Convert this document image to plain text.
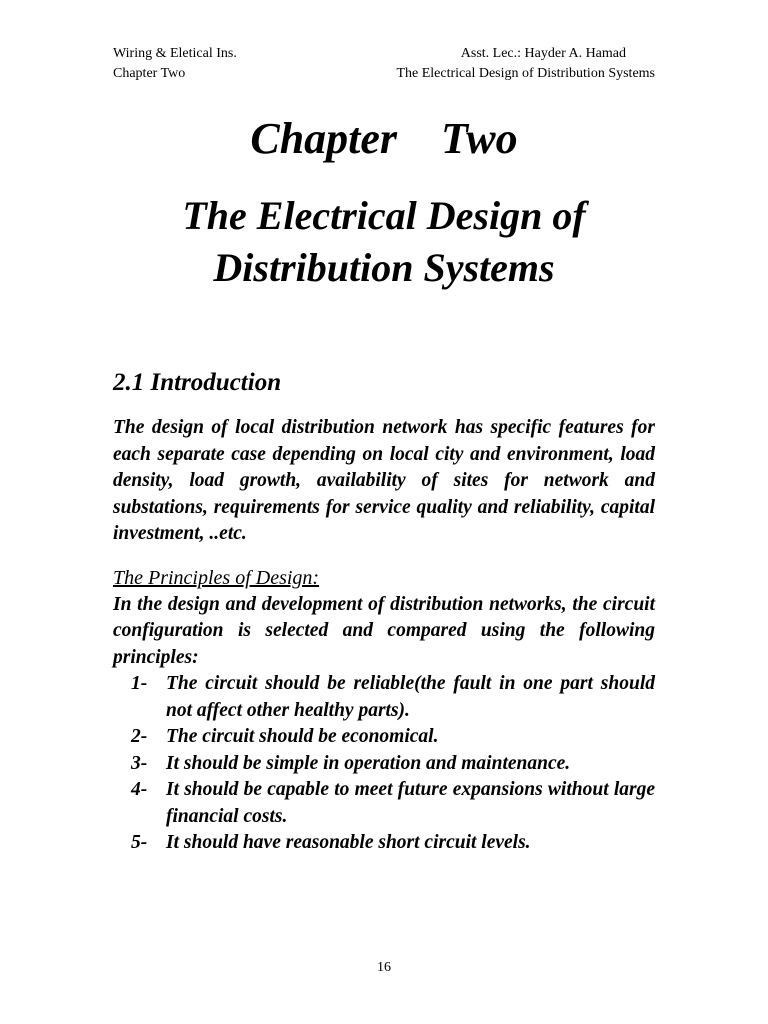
Wiring & Eletical Ins.	Asst. Lec.: Hayder A. Hamad
Chapter Two	The Electrical Design of Distribution Systems
Chapter    Two
The Electrical Design of
Distribution Systems
2.1 Introduction
The design of local distribution network has specific features for each separate case depending on local city and environment, load density, load growth, availability of sites for network and substations, requirements for service quality and reliability, capital investment, ..etc.
The Principles of Design:
In the design and development of distribution networks, the circuit configuration is selected and compared using the following principles:
1- The circuit should be reliable(the fault in one part should not affect other healthy parts).
2- The circuit should be economical.
3- It should be simple in operation and maintenance.
4- It should be capable to meet future expansions without large financial costs.
5- It should have reasonable short circuit levels.
16
